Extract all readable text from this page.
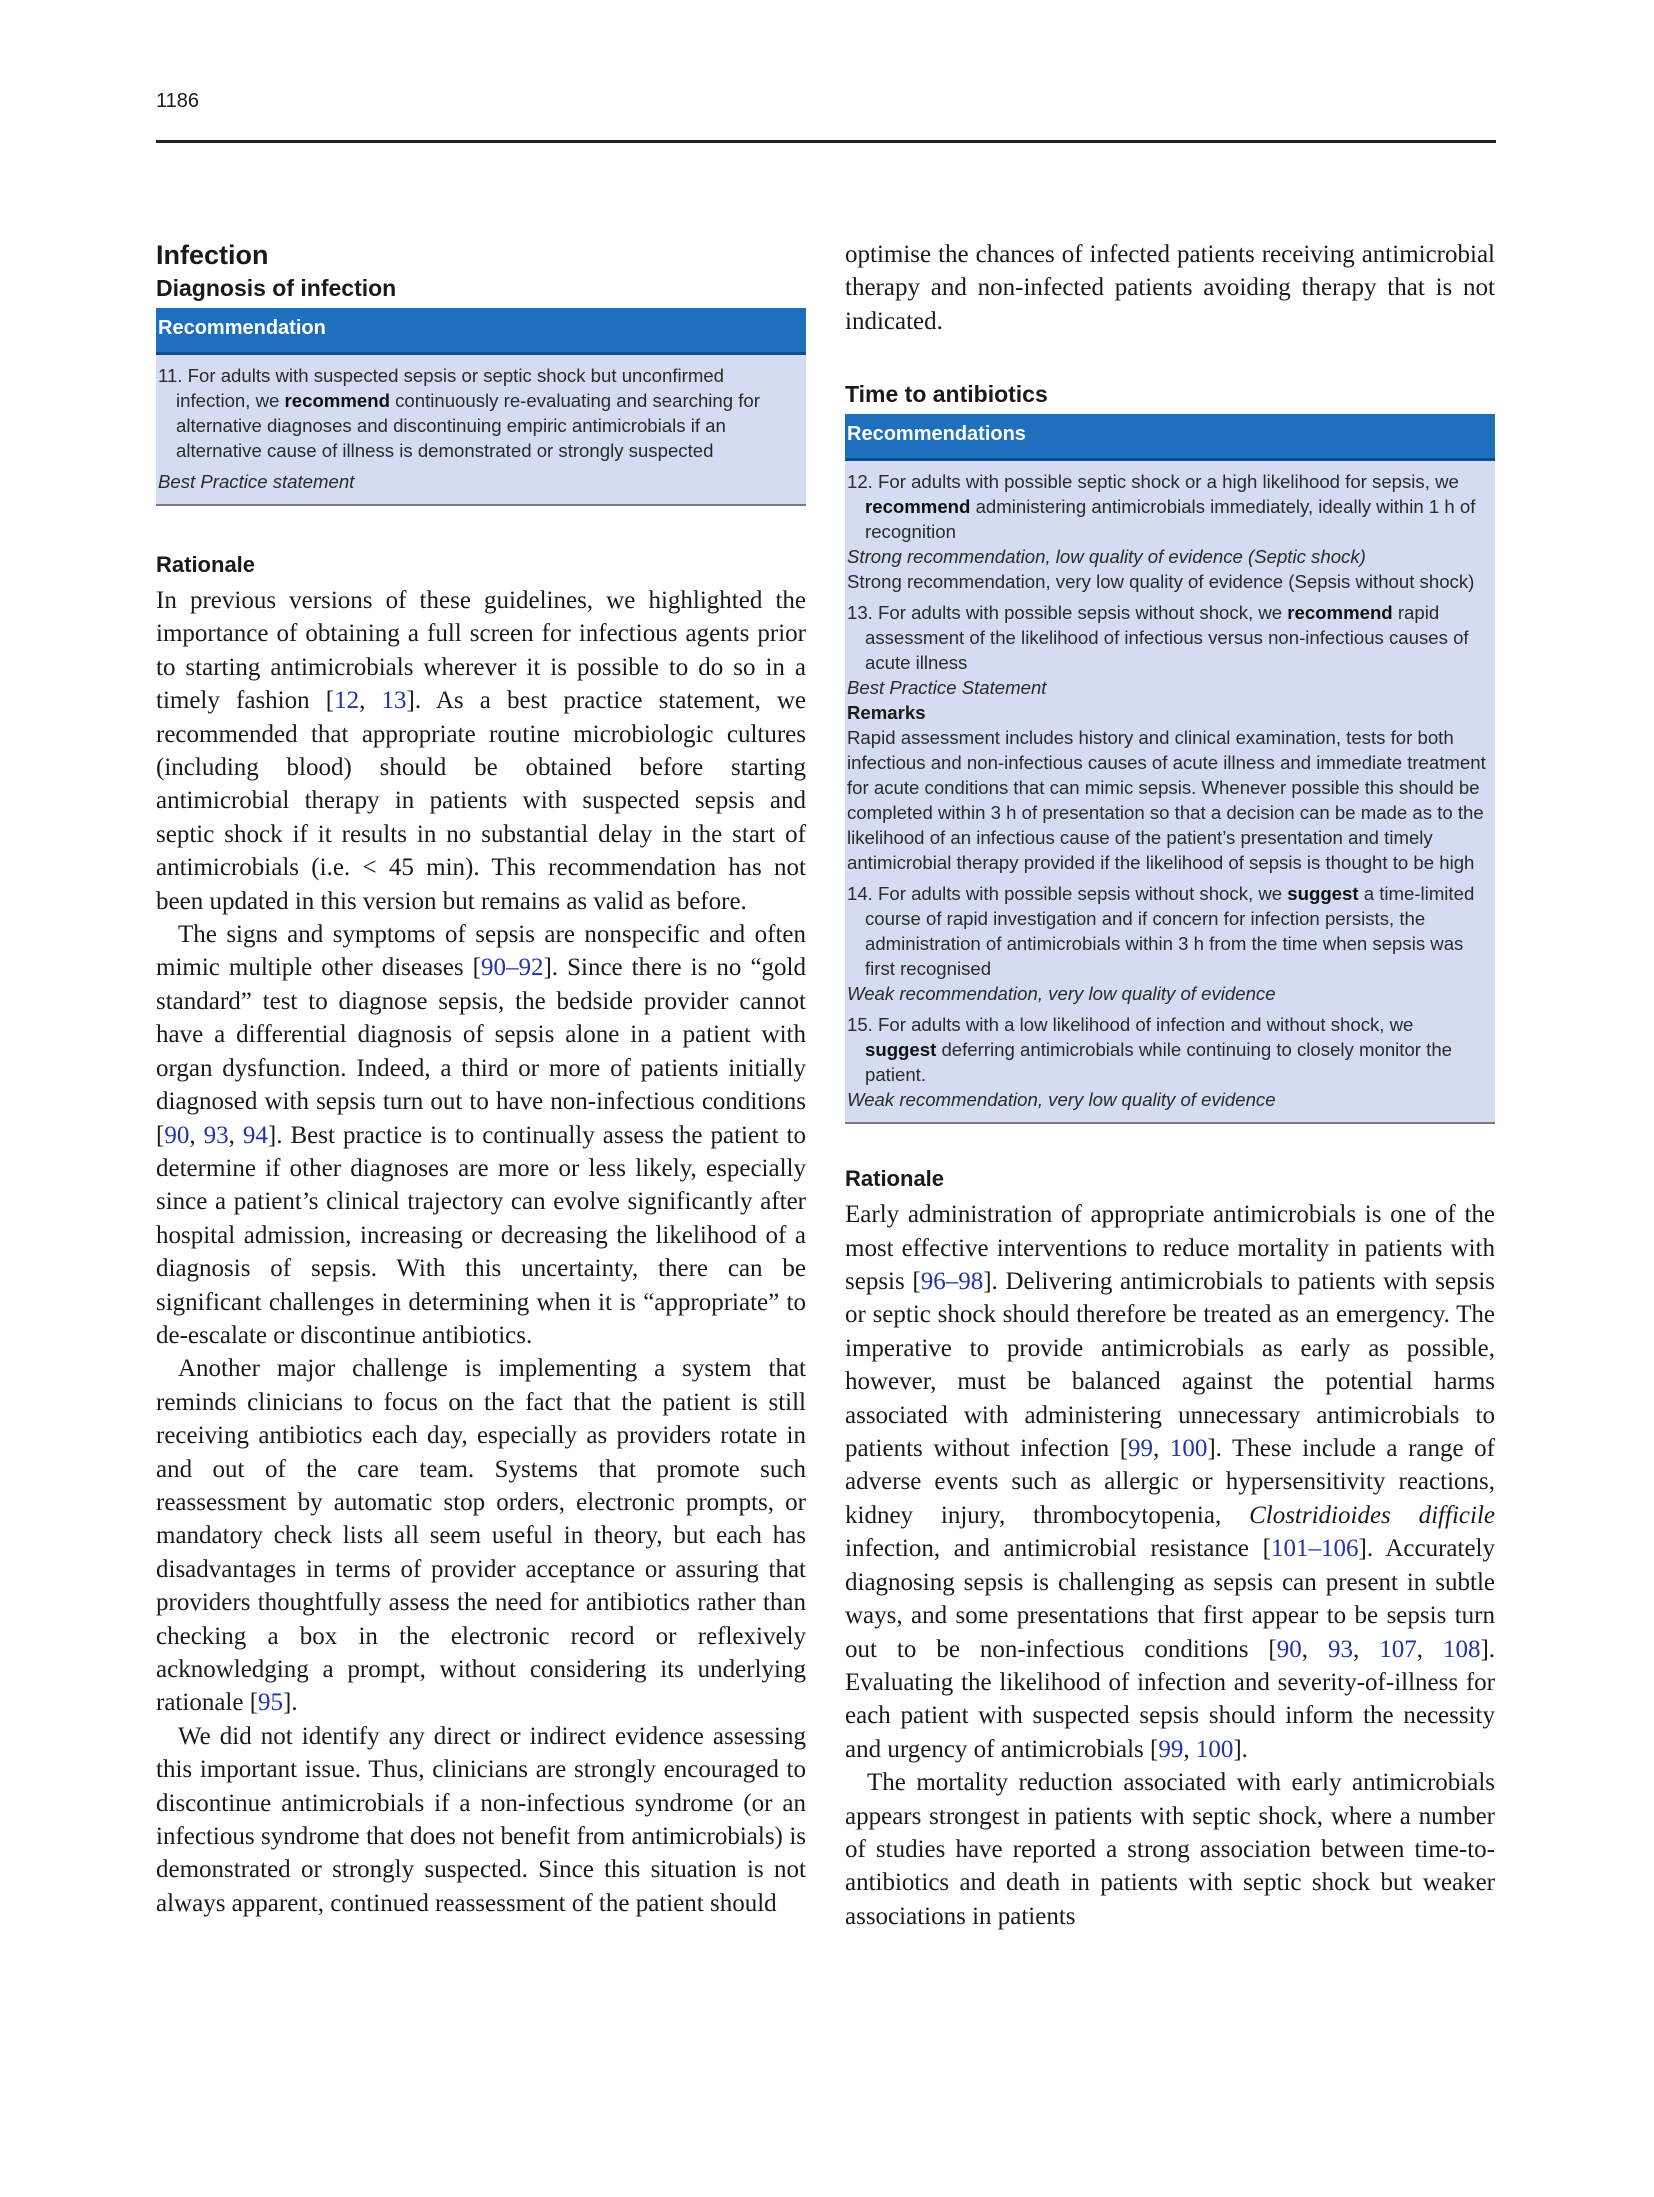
1186
Infection
Diagnosis of infection
Recommendation

11. For adults with suspected sepsis or septic shock but unconfirmed infection, we recommend continuously re-evaluating and searching for alternative diagnoses and discontinuing empiric antimicrobials if an alternative cause of illness is demonstrated or strongly suspected

Best Practice statement

Rationale

In previous versions of these guidelines, we highlighted the importance of obtaining a full screen for infectious agents prior to starting antimicrobials wherever it is possible to do so in a timely fashion [12, 13]. As a best practice statement, we recommended that appropriate routine microbiologic cultures (including blood) should be obtained before starting antimicrobial therapy in patients with suspected sepsis and septic shock if it results in no substantial delay in the start of antimicrobials (i.e. < 45 min). This recommendation has not been updated in this version but remains as valid as before.

The signs and symptoms of sepsis are nonspecific and often mimic multiple other diseases [90–92]. Since there is no “gold standard” test to diagnose sepsis, the bedside provider cannot have a differential diagnosis of sepsis alone in a patient with organ dysfunction. Indeed, a third or more of patients initially diagnosed with sepsis turn out to have non-infectious conditions [90, 93, 94]. Best practice is to continually assess the patient to determine if other diagnoses are more or less likely, especially since a patient’s clinical trajectory can evolve significantly after hospital admission, increasing or decreasing the likelihood of a diagnosis of sepsis. With this uncertainty, there can be significant challenges in determining when it is “appropriate” to de-escalate or discontinue antibiotics.

Another major challenge is implementing a system that reminds clinicians to focus on the fact that the patient is still receiving antibiotics each day, especially as providers rotate in and out of the care team. Systems that promote such reassessment by automatic stop orders, electronic prompts, or mandatory check lists all seem useful in theory, but each has disadvantages in terms of provider acceptance or assuring that providers thoughtfully assess the need for antibiotics rather than checking a box in the electronic record or reflexively acknowledging a prompt, without considering its underlying rationale [95].

We did not identify any direct or indirect evidence assessing this important issue. Thus, clinicians are strongly encouraged to discontinue antimicrobials if a non-infectious syndrome (or an infectious syndrome that does not benefit from antimicrobials) is demonstrated or strongly suspected. Since this situation is not always apparent, continued reassessment of the patient should

optimise the chances of infected patients receiving antimicrobial therapy and non-infected patients avoiding therapy that is not indicated.

Time to antibiotics
Recommendations

12. For adults with possible septic shock or a high likelihood for sepsis, we recommend administering antimicrobials immediately, ideally within 1 h of recognition

Strong recommendation, low quality of evidence (Septic shock)

Strong recommendation, very low quality of evidence (Sepsis without shock)

13. For adults with possible sepsis without shock, we recommend rapid assessment of the likelihood of infectious versus non-infectious causes of acute illness

Best Practice Statement

Remarks

Rapid assessment includes history and clinical examination, tests for both infectious and non-infectious causes of acute illness and immediate treatment for acute conditions that can mimic sepsis. Whenever possible this should be completed within 3 h of presentation so that a decision can be made as to the likelihood of an infectious cause of the patient’s presentation and timely antimicrobial therapy provided if the likelihood of sepsis is thought to be high

14. For adults with possible sepsis without shock, we suggest a time-limited course of rapid investigation and if concern for infection persists, the administration of antimicrobials within 3 h from the time when sepsis was first recognised

Weak recommendation, very low quality of evidence

15. For adults with a low likelihood of infection and without shock, we suggest deferring antimicrobials while continuing to closely monitor the patient.

Weak recommendation, very low quality of evidence

Rationale

Early administration of appropriate antimicrobials is one of the most effective interventions to reduce mortality in patients with sepsis [96–98]. Delivering antimicrobials to patients with sepsis or septic shock should therefore be treated as an emergency. The imperative to provide antimicrobials as early as possible, however, must be balanced against the potential harms associated with administering unnecessary antimicrobials to patients without infection [99, 100]. These include a range of adverse events such as allergic or hypersensitivity reactions, kidney injury, thrombocytopenia, Clostridioides difficile infection, and antimicrobial resistance [101–106]. Accurately diagnosing sepsis is challenging as sepsis can present in subtle ways, and some presentations that first appear to be sepsis turn out to be non-infectious conditions [90, 93, 107, 108]. Evaluating the likelihood of infection and severity-of-illness for each patient with suspected sepsis should inform the necessity and urgency of antimicrobials [99, 100].

The mortality reduction associated with early antimicrobials appears strongest in patients with septic shock, where a number of studies have reported a strong association between time-to-antibiotics and death in patients with septic shock but weaker associations in patients
